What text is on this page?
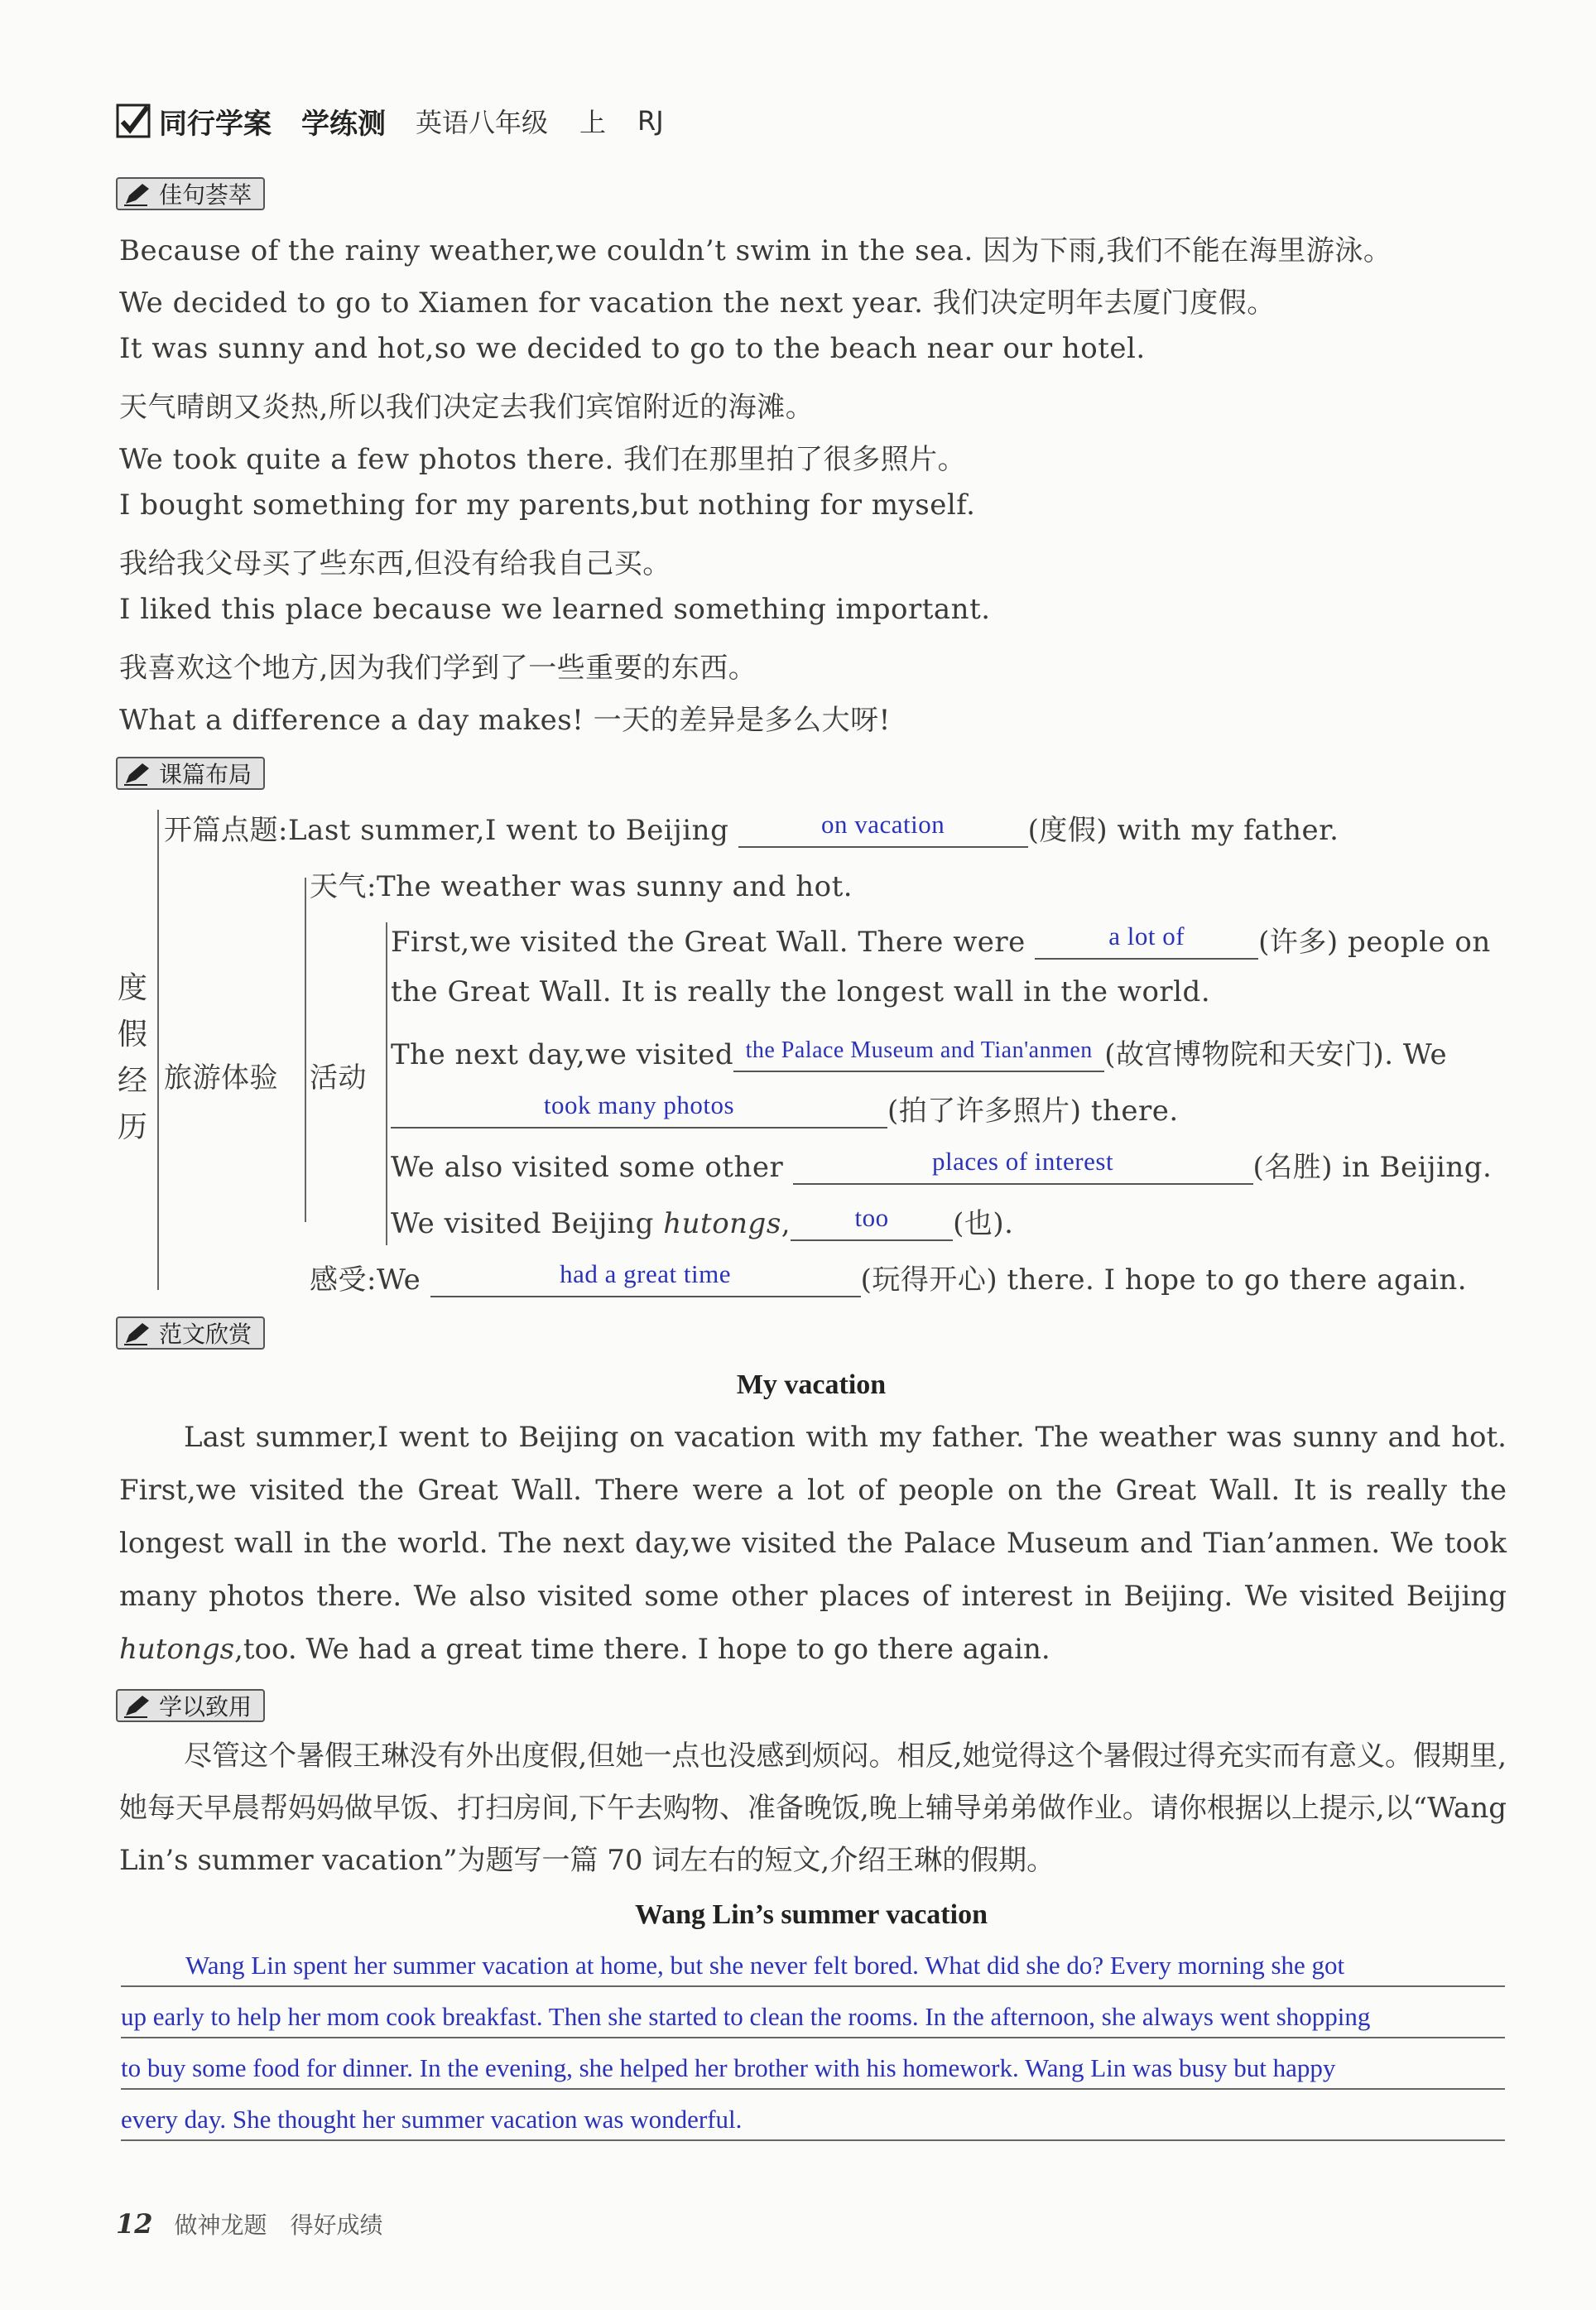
同行学案 学练测 英语八年级 上 RJ
佳句荟萃
Because of the rainy weather,we couldn’t swim in the sea. 因为下雨,我们不能在海里游泳。
We decided to go to Xiamen for vacation the next year. 我们决定明年去厦门度假。
It was sunny and hot,so we decided to go to the beach near our hotel.
天气晴朗又炎热,所以我们决定去我们宾馆附近的海滩。
We took quite a few photos there. 我们在那里拍了很多照片。
I bought something for my parents,but nothing for myself.
我给我父母买了些东西,但没有给我自己买。
I liked this place because we learned something important.
我喜欢这个地方,因为我们学到了一些重要的东西。
What a difference a day makes! 一天的差异是多么大呀!
课篇布局
度假经历
开篇点题:Last summer,I went to Beijing	on vacation	(度假) with my father.
旅游体验
天气:The weather was sunny and hot.
活动
First,we visited the Great Wall. There were	a lot of	(许多) people on
the Great Wall. It is really the longest wall in the world.
The next day,we visited the Palace Museum and Tian'anmen (故宫博物院和天安门). We
took many photos	(拍了许多照片) there.
We also visited some other	places of interest	(名胜) in Beijing.
We visited Beijing hutongs,	too	(也).
感受:We	had a great time	(玩得开心) there. I hope to go there again.
范文欣赏
My vacation
Last summer,I went to Beijing on vacation with my father. The weather was sunny and hot. First,we visited the Great Wall. There were a lot of people on the Great Wall. It is really the longest wall in the world. The next day,we visited the Palace Museum and Tian’anmen. We took many photos there. We also visited some other places of interest in Beijing. We visited Beijing hutongs,too. We had a great time there. I hope to go there again.
学以致用
尽管这个暑假王琳没有外出度假,但她一点也没感到烦闷。相反,她觉得这个暑假过得充实而有意义。假期里,她每天早晨帮妈妈做早饭、打扫房间,下午去购物、准备晚饭,晚上辅导弟弟做作业。请你根据以上提示,以“Wang Lin’s summer vacation”为题写一篇 70 词左右的短文,介绍王琳的假期。
Wang Lin’s summer vacation
Wang Lin spent her summer vacation at home, but she never felt bored. What did she do? Every morning she got
up early to help her mom cook breakfast. Then she started to clean the rooms. In the afternoon, she always went shopping
to buy some food for dinner. In the evening, she helped her brother with his homework. Wang Lin was busy but happy
every day. She thought her summer vacation was wonderful.
12 做神龙题 得好成绩
